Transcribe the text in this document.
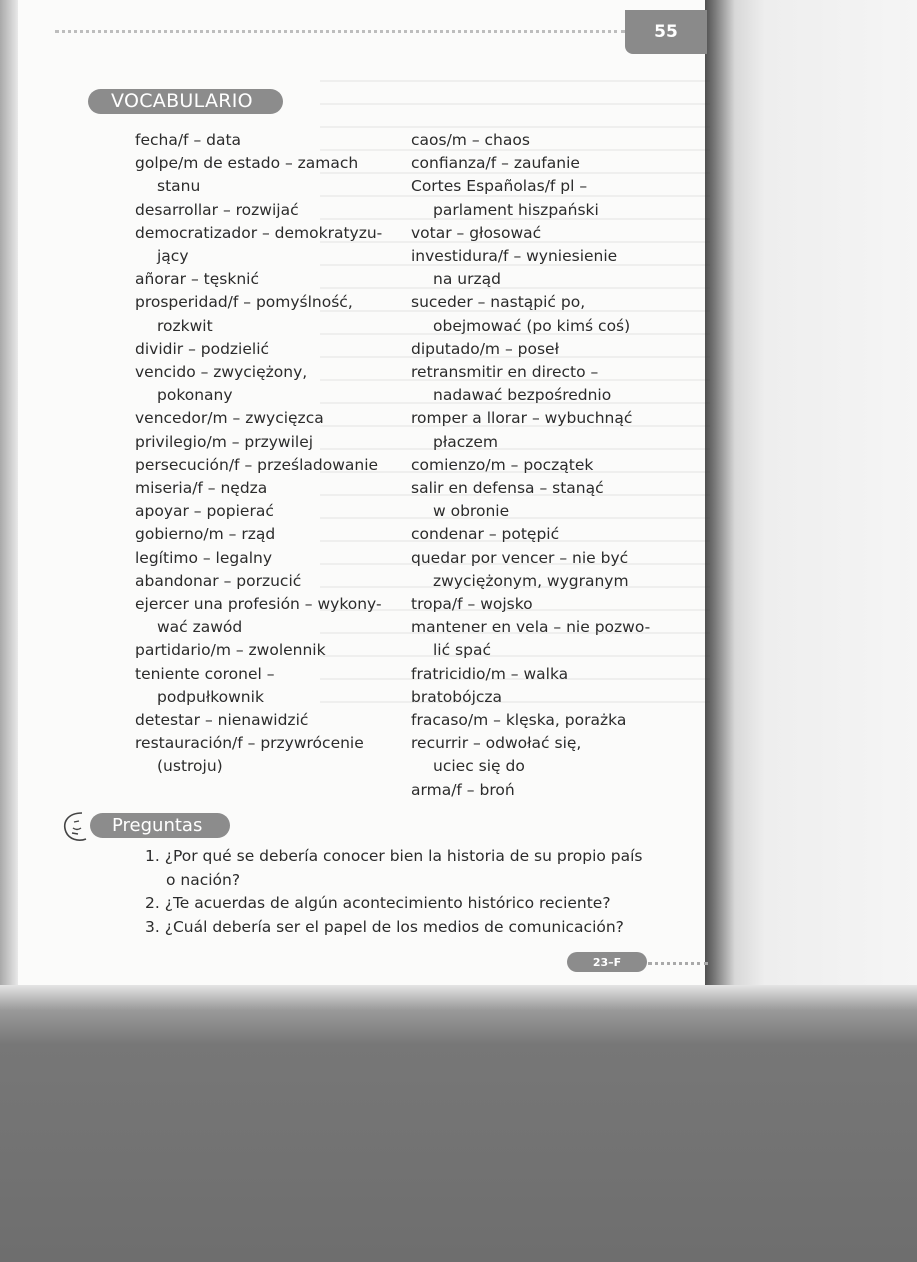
55
VOCABULARIO
fecha/f – data
golpe/m de estado – zamach
stanu
desarrollar – rozwijać
democratizador – demokratyzu-
jący
añorar – tęsknić
prosperidad/f – pomyślność,
rozkwit
dividir – podzielić
vencido – zwyciężony,
pokonany
vencedor/m – zwycięzca
privilegio/m – przywilej
persecución/f – prześladowanie
miseria/f – nędza
apoyar – popierać
gobierno/m – rząd
legítimo – legalny
abandonar – porzucić
ejercer una profesión – wykony-
wać zawód
partidario/m – zwolennik
teniente coronel –
podpułkownik
detestar – nienawidzić
restauración/f – przywrócenie
(ustroju)
caos/m – chaos
confianza/f – zaufanie
Cortes Españolas/f pl –
parlament hiszpański
votar – głosować
investidura/f – wyniesienie
na urząd
suceder – nastąpić po,
obejmować (po kimś coś)
diputado/m – poseł
retransmitir en directo –
nadawać bezpośrednio
romper a llorar – wybuchnąć
płaczem
comienzo/m – początek
salir en defensa – stanąć
w obronie
condenar – potępić
quedar por vencer – nie być
zwyciężonym, wygranym
tropa/f – wojsko
mantener en vela – nie pozwo-
lić spać
fratricidio/m – walka bratobójcza
fracaso/m – klęska, porażka
recurrir – odwołać się,
uciec się do
arma/f – broń
Preguntas
1. ¿Por qué se debería conocer bien la historia de su propio país
o nación?
2. ¿Te acuerdas de algún acontecimiento histórico reciente?
3. ¿Cuál debería ser el papel de los medios de comunicación?
23–F
